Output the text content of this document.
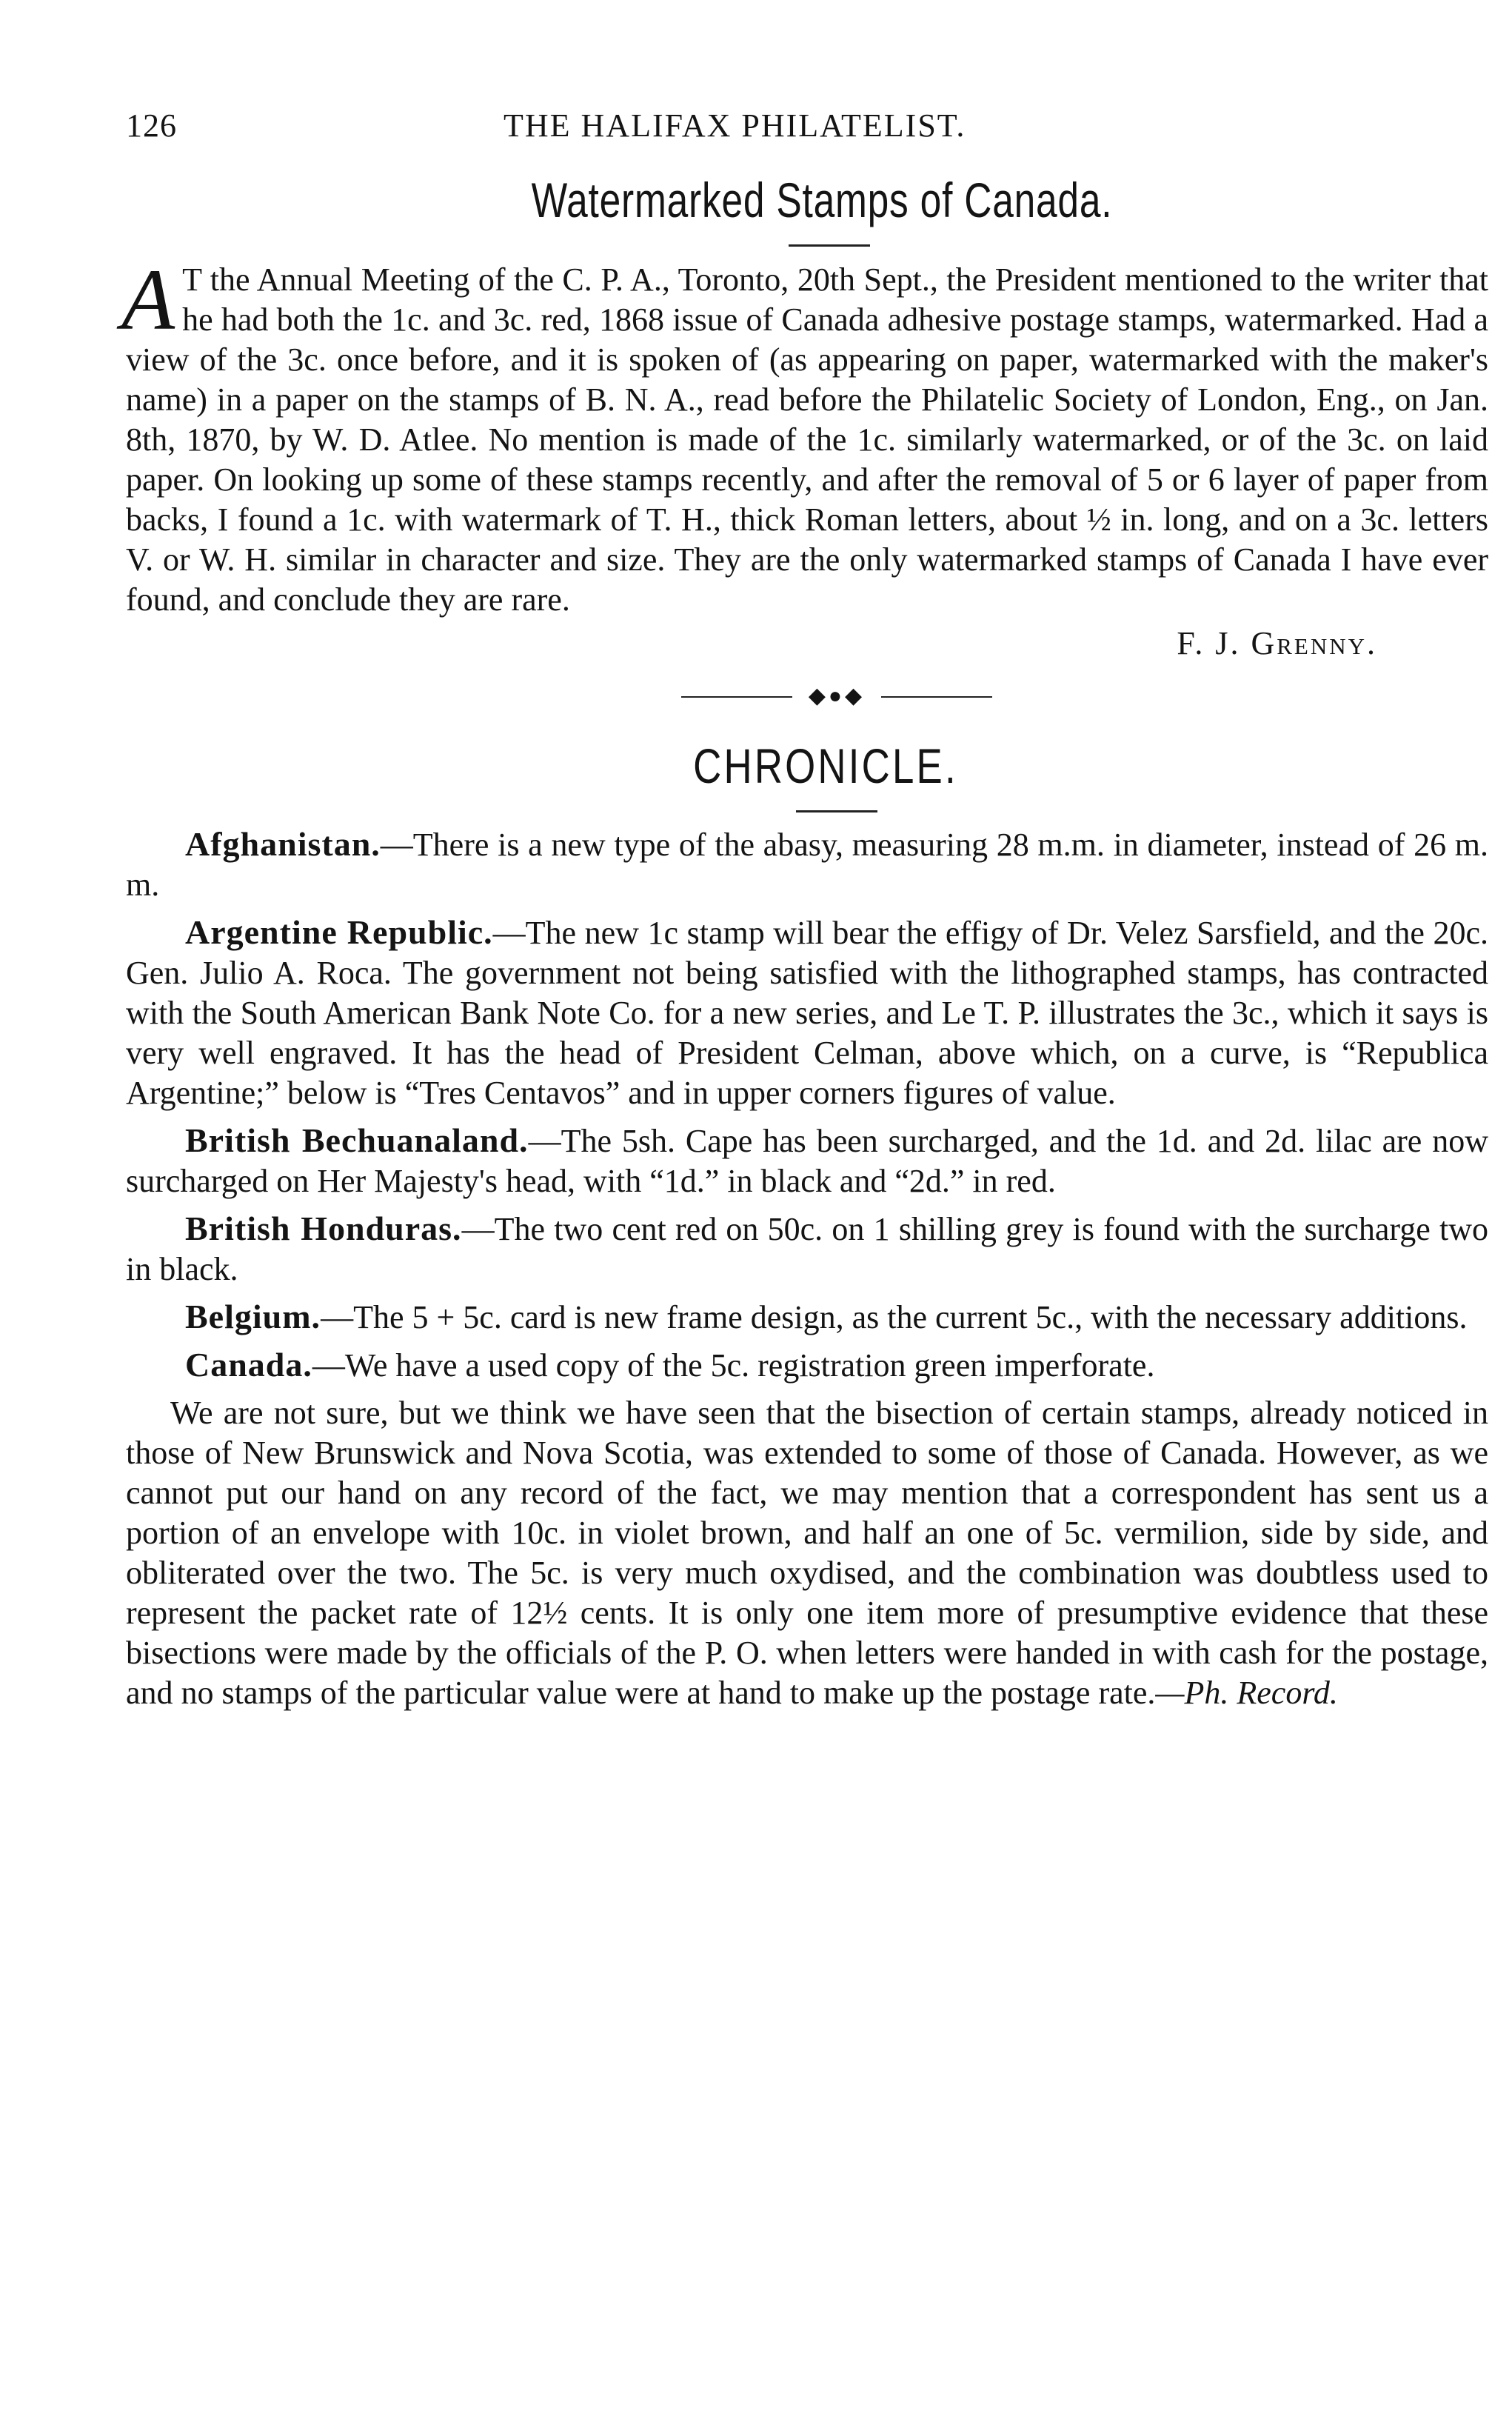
126	THE HALIFAX PHILATELIST.
Watermarked Stamps of Canada.

A T the Annual Meeting of the C. P. A., Toronto, 20th Sept., the President mentioned to the writer that he had both the 1c. and 3c. red, 1868 issue of Canada adhesive postage stamps, watermarked. Had a view of the 3c. once before, and it is spoken of (as appearing on paper, watermarked with the maker's name) in a paper on the stamps of B. N. A., read before the Philatelic Society of London, Eng., on Jan. 8th, 1870, by W. D. Atlee. No mention is made of the 1c. similarly watermarked, or of the 3c. on laid paper. On looking up some of these stamps recently, and after the removal of 5 or 6 layer of paper from backs, I found a 1c. with watermark of T. H., thick Roman letters, about ½ in. long, and on a 3c. letters V. or W. H. similar in character and size. They are the only watermarked stamps of Canada I have ever found, and conclude they are rare.

F. J. Grenny.
◆●◆
CHRONICLE.

Afghanistan.—There is a new type of the abasy, measuring 28 m.m. in diameter, instead of 26 m. m.

Argentine Republic.—The new 1c stamp will bear the effigy of Dr. Velez Sarsfield, and the 20c. Gen. Julio A. Roca. The government not being satisfied with the lithographed stamps, has contracted with the South American Bank Note Co. for a new series, and Le T. P. illustrates the 3c., which it says is very well engraved. It has the head of President Celman, above which, on a curve, is “Republica Argentine;” below is “Tres Centavos” and in upper corners figures of value.

British Bechuanaland.—The 5sh. Cape has been surcharged, and the 1d. and 2d. lilac are now surcharged on Her Majesty's head, with “1d.” in black and “2d.” in red.

British Honduras.—The two cent red on 50c. on 1 shilling grey is found with the surcharge two in black.

Belgium.—The 5 + 5c. card is new frame design, as the current 5c., with the necessary additions.

Canada.—We have a used copy of the 5c. registration green imperforate.

We are not sure, but we think we have seen that the bisection of certain stamps, already noticed in those of New Brunswick and Nova Scotia, was extended to some of those of Canada. However, as we cannot put our hand on any record of the fact, we may mention that a correspondent has sent us a portion of an envelope with 10c. in violet brown, and half an one of 5c. vermilion, side by side, and obliterated over the two. The 5c. is very much oxydised, and the combination was doubtless used to represent the packet rate of 12½ cents. It is only one item more of presumptive evidence that these bisections were made by the officials of the P. O. when letters were handed in with cash for the postage, and no stamps of the particular value were at hand to make up the postage rate.—Ph. Record.
